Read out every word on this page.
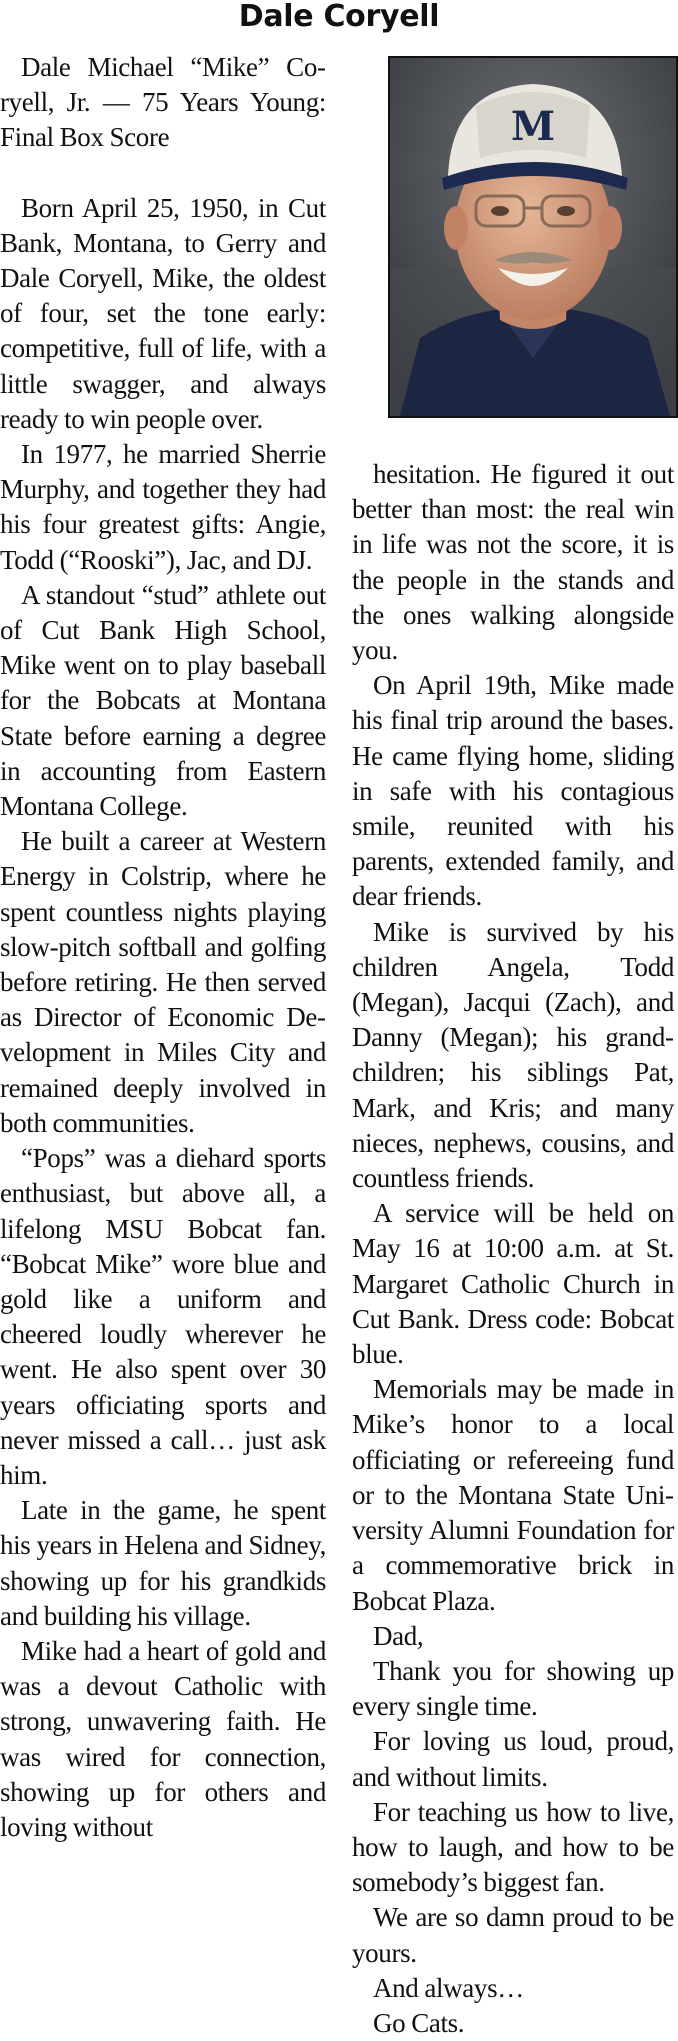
Dale Coryell
M

Dale Michael “Mike” Coryell, Jr. — 75 Years Young: Final Box Score

Born April 25, 1950, in Cut Bank, Montana, to Gerry and Dale Coryell, Mike, the oldest of four, set the tone early: competitive, full of life, with a little swagger, and always ready to win people over.

In 1977, he married Sherrie Murphy, and together they had his four greatest gifts: Angie, Todd (“Rooski”), Jac, and DJ.

A standout “stud” athlete out of Cut Bank High School, Mike went on to play baseball for the Bobcats at Montana State before earning a degree in accounting from Eastern Montana College.

He built a career at Western Energy in Colstrip, where he spent countless nights playing slow-pitch softball and golfing before retiring. He then served as Director of Economic Development in Miles City and remained deeply involved in both communities.

“Pops” was a diehard sports enthusiast, but above all, a lifelong MSU Bobcat fan. “Bobcat Mike” wore blue and gold like a uniform and cheered loudly wherever he went. He also spent over 30 years officiating sports and never missed a call… just ask him.

Late in the game, he spent his years in Helena and Sidney, showing up for his grandkids and building his village.

Mike had a heart of gold and was a devout Catholic with strong, unwavering faith. He was wired for connection, showing up for others and loving without

hesitation. He figured it out better than most: the real win in life was not the score, it is the people in the stands and the ones walking alongside you.

On April 19th, Mike made his final trip around the bases. He came flying home, sliding in safe with his contagious smile, reunited with his parents, extended family, and dear friends.

Mike is survived by his children Angela, Todd (Megan), Jacqui (Zach), and Danny (Megan); his grandchildren; his siblings Pat, Mark, and Kris; and many nieces, nephews, cousins, and countless friends.

A service will be held on May 16 at 10:00 a.m. at St. Margaret Catholic Church in Cut Bank. Dress code: Bobcat blue.

Memorials may be made in Mike’s honor to a local officiating or refereeing fund or to the Montana State University Alumni Foundation for a commemorative brick in Bobcat Plaza.

Dad,

Thank you for showing up every single time.

For loving us loud, proud, and without limits.

For teaching us how to live, how to laugh, and how to be somebody’s biggest fan.

We are so damn proud to be yours.

And always…

Go Cats.
